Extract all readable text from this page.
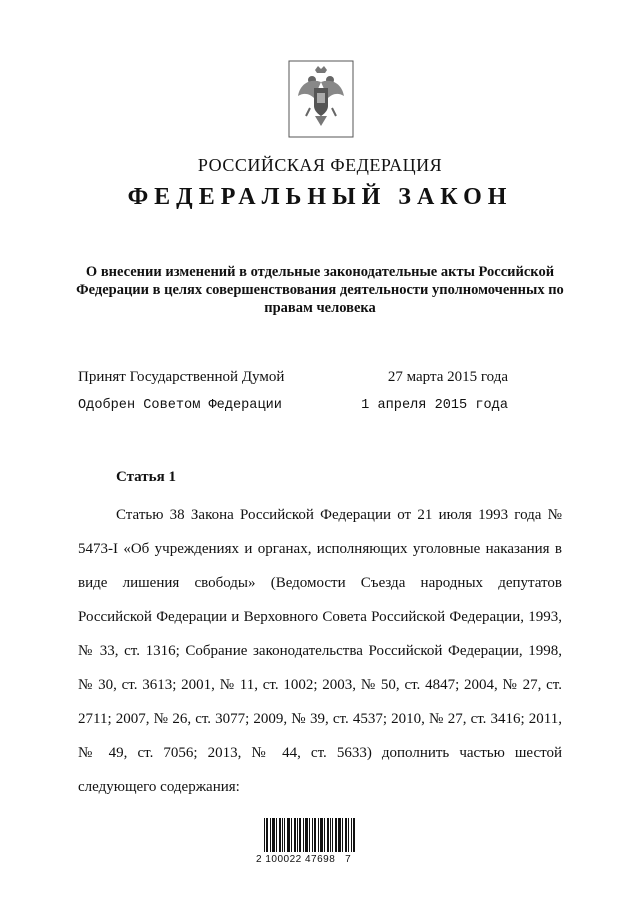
РОССИЙСКАЯ ФЕДЕРАЦИЯ
ФЕДЕРАЛЬНЫЙ ЗАКОН
О внесении изменений в отдельные законодательные акты Российской Федерации в целях совершенствования деятельности уполномоченных по правам человека
Принят Государственной Думой	27 марта 2015 года
Одобрен Советом Федерации	1 апреля 2015 года
Статья 1

Статью 38 Закона Российской Федерации от 21 июля 1993 года № 5473-I «Об учреждениях и органах, исполняющих уголовные наказания в виде лишения свободы» (Ведомости Съезда народных депутатов Российской Федерации и Верховного Совета Российской Федерации, 1993, № 33, ст. 1316; Собрание законодательства Российской Федерации, 1998, № 30, ст. 3613; 2001, № 11, ст. 1002; 2003, № 50, ст. 4847; 2004, № 27, ст. 2711; 2007, № 26, ст. 3077; 2009, № 39, ст. 4537; 2010, № 27, ст. 3416; 2011, № 49, ст. 7056; 2013, № 44, ст. 5633) дополнить частью шестой следующего содержания:

2 100022 47698   7
